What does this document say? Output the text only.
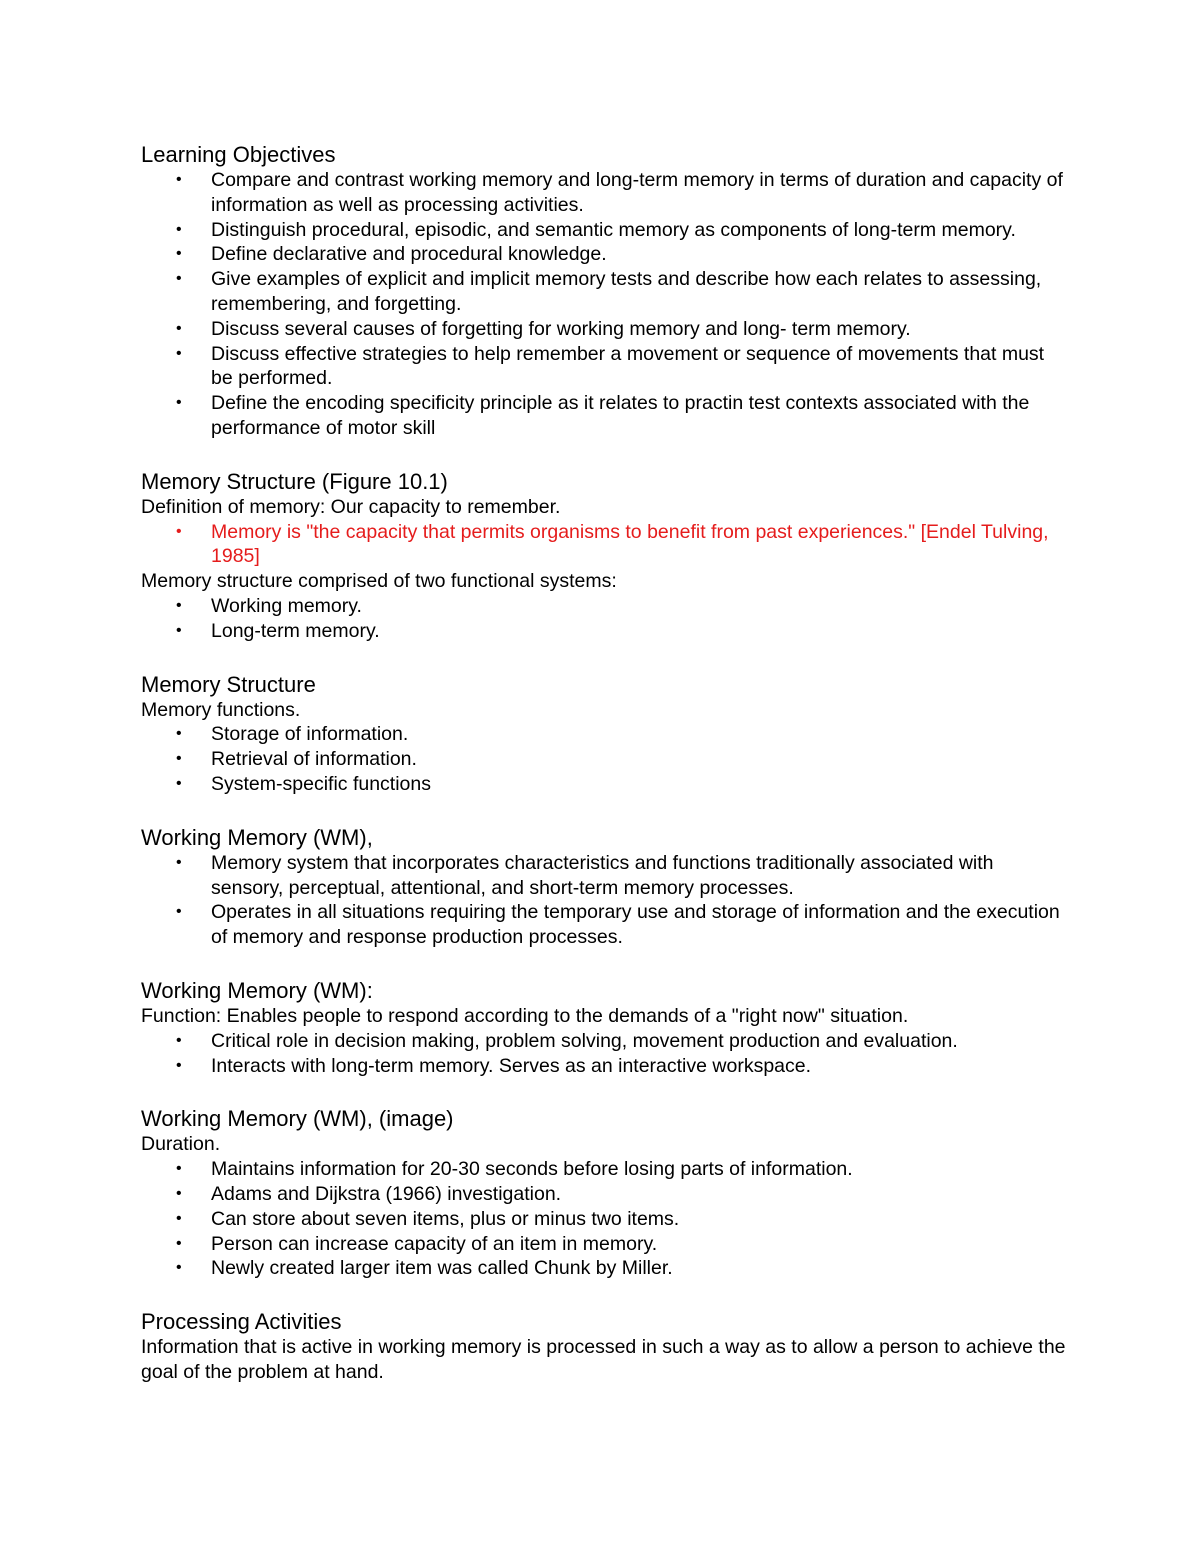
Learning Objectives
• Compare and contrast working memory and long-term memory in terms of duration and capacity of information as well as processing activities.
• Distinguish procedural, episodic, and semantic memory as components of long-term memory.
• Define declarative and procedural knowledge.
• Give examples of explicit and implicit memory tests and describe how each relates to assessing, remembering, and forgetting.
• Discuss several causes of forgetting for working memory and long- term memory.
• Discuss effective strategies to help remember a movement or sequence of movements that must be performed.
• Define the encoding specificity principle as it relates to practin test contexts associated with the performance of motor skill
Memory Structure (Figure 10.1)
Definition of memory: Our capacity to remember.
• Memory is "the capacity that permits organisms to benefit from past experiences." [Endel Tulving, 1985]
Memory structure comprised of two functional systems:
• Working memory.
• Long-term memory.
Memory Structure
Memory functions.
• Storage of information.
• Retrieval of information.
• System-specific functions
Working Memory (WM),
• Memory system that incorporates characteristics and functions traditionally associated with sensory, perceptual, attentional, and short-term memory processes.
• Operates in all situations requiring the temporary use and storage of information and the execution of memory and response production processes.
Working Memory (WM):
Function: Enables people to respond according to the demands of a "right now" situation.
• Critical role in decision making, problem solving, movement production and evaluation.
• Interacts with long-term memory. Serves as an interactive workspace.
Working Memory (WM), (image)
Duration.
• Maintains information for 20-30 seconds before losing parts of information.
• Adams and Dijkstra (1966) investigation.
• Can store about seven items, plus or minus two items.
• Person can increase capacity of an item in memory.
• Newly created larger item was called Chunk by Miller.
Processing Activities
Information that is active in working memory is processed in such a way as to allow a person to achieve the goal of the problem at hand.
